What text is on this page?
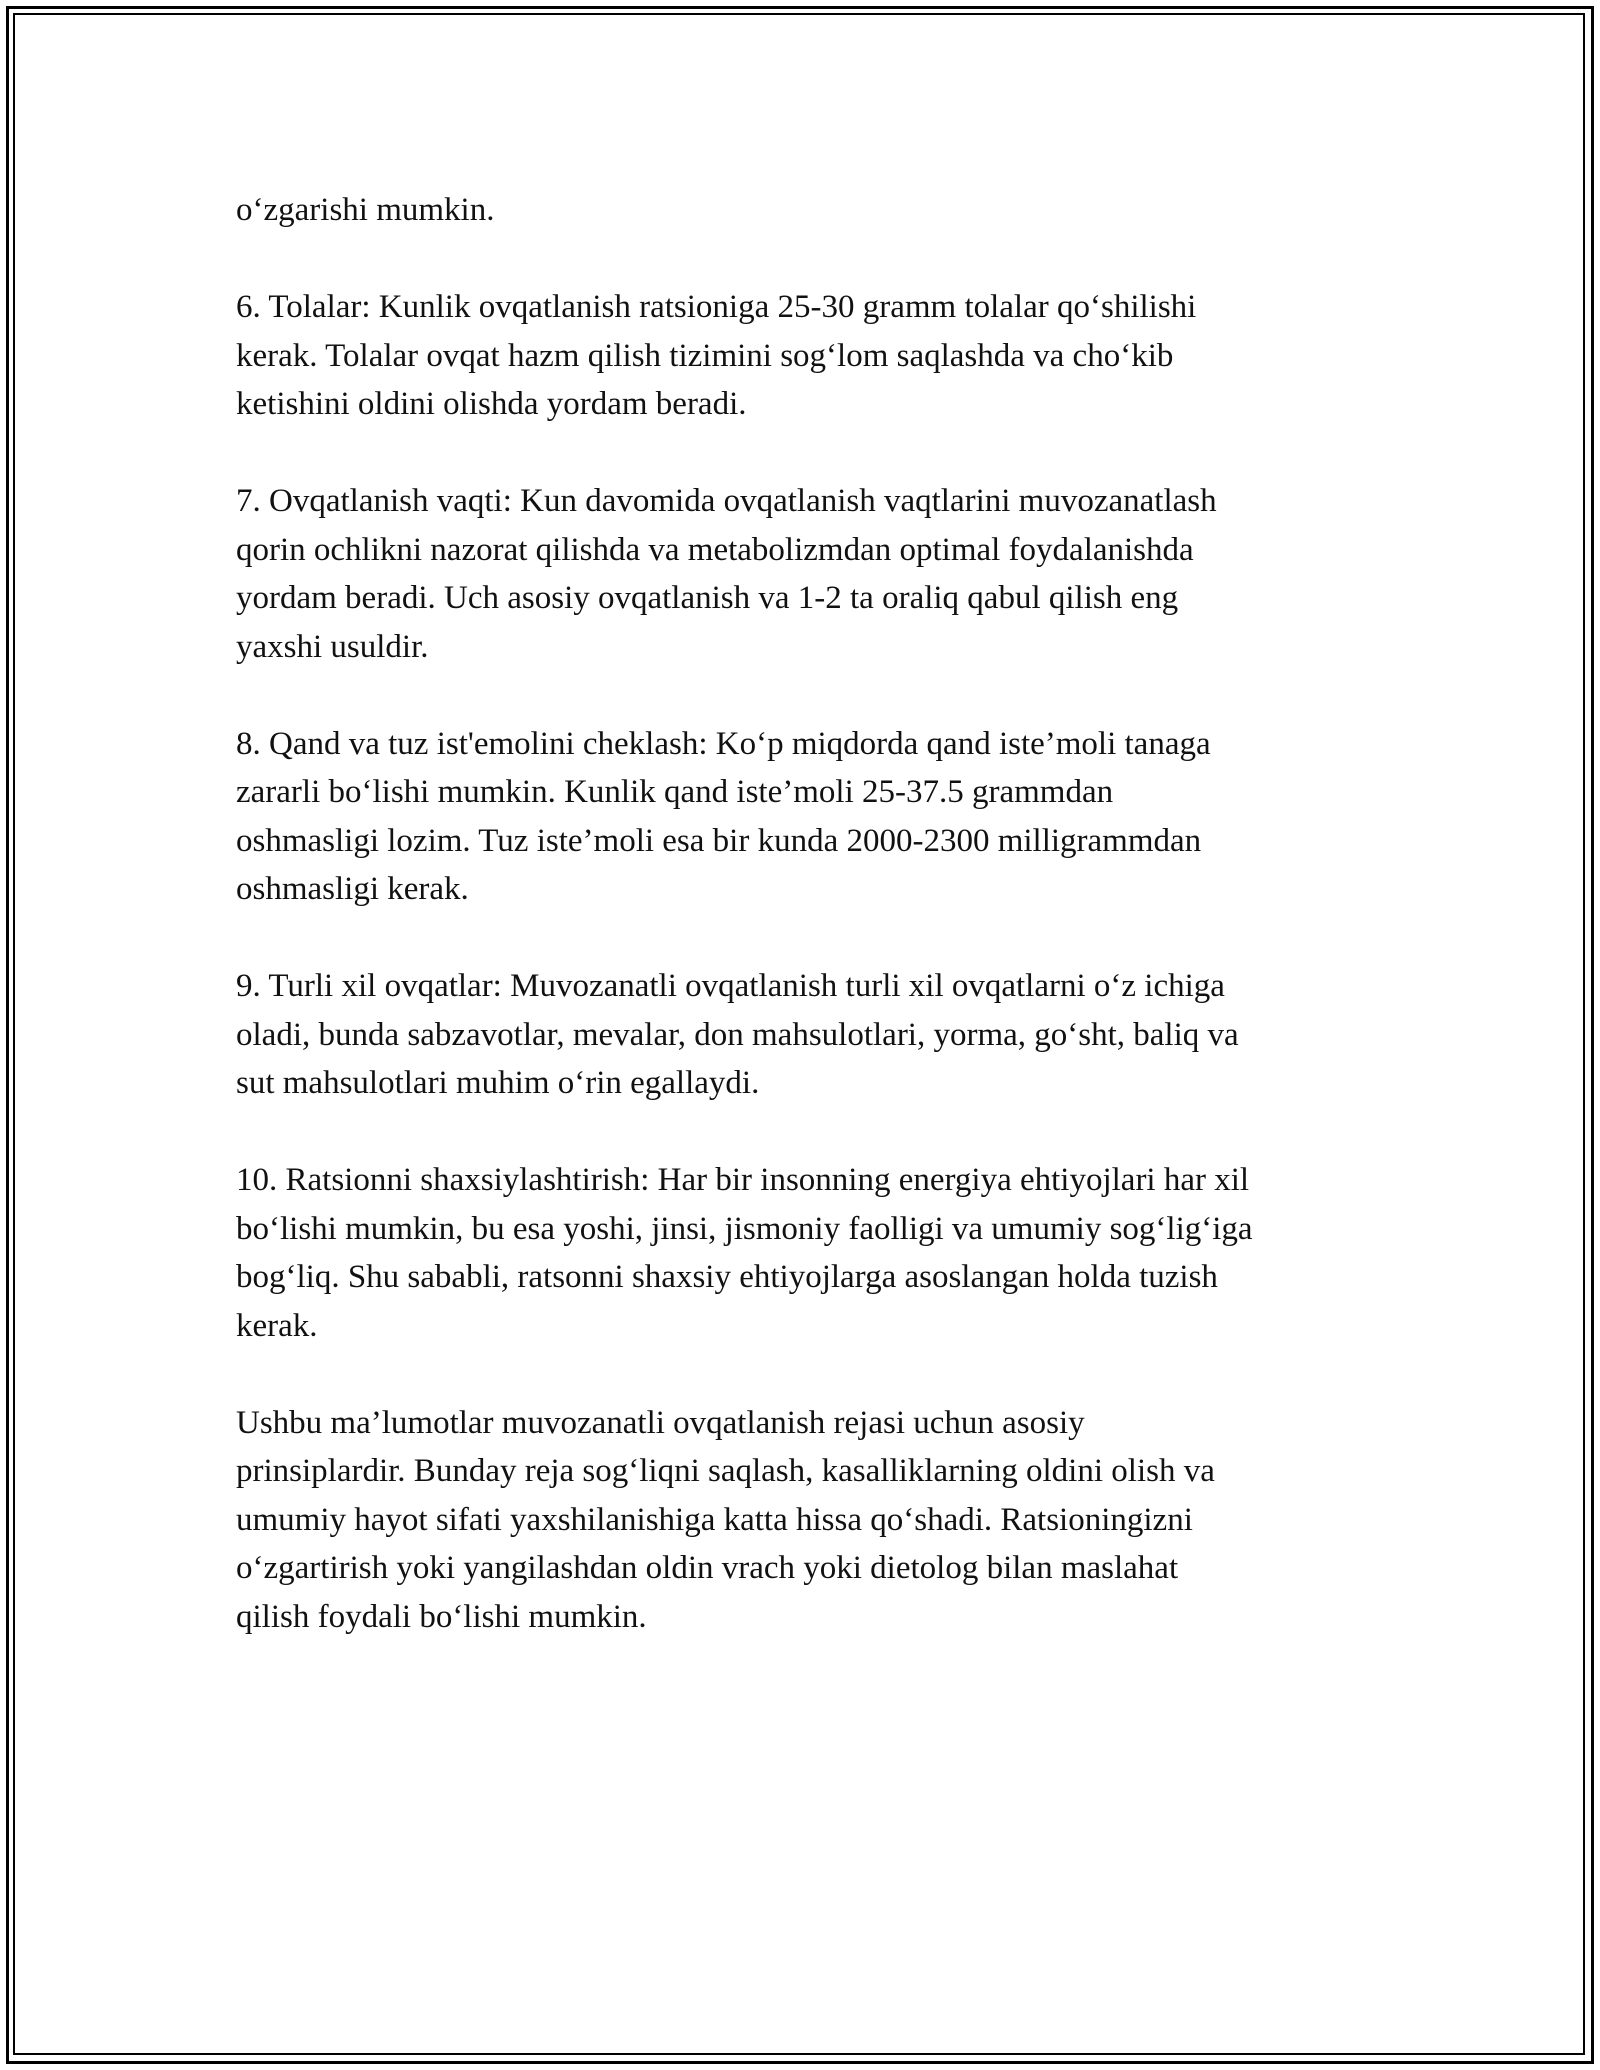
o‘zgarishi mumkin.

6. Tolalar: Kunlik ovqatlanish ratsioniga 25-30 gramm tolalar qo‘shilishi
kerak. Tolalar ovqat hazm qilish tizimini sog‘lom saqlashda va cho‘kib
ketishini oldini olishda yordam beradi.

7. Ovqatlanish vaqti: Kun davomida ovqatlanish vaqtlarini muvozanatlash
qorin ochlikni nazorat qilishda va metabolizmdan optimal foydalanishda
yordam beradi. Uch asosiy ovqatlanish va 1-2 ta oraliq qabul qilish eng
yaxshi usuldir.

8. Qand va tuz ist'emolini cheklash: Ko‘p miqdorda qand iste’moli tanaga
zararli bo‘lishi mumkin. Kunlik qand iste’moli 25-37.5 grammdan
oshmasligi lozim. Tuz iste’moli esa bir kunda 2000-2300 milligrammdan
oshmasligi kerak.

9. Turli xil ovqatlar: Muvozanatli ovqatlanish turli xil ovqatlarni o‘z ichiga
oladi, bunda sabzavotlar, mevalar, don mahsulotlari, yorma, go‘sht, baliq va
sut mahsulotlari muhim o‘rin egallaydi.

10. Ratsionni shaxsiylashtirish: Har bir insonning energiya ehtiyojlari har xil
bo‘lishi mumkin, bu esa yoshi, jinsi, jismoniy faolligi va umumiy sog‘lig‘iga
bog‘liq. Shu sababli, ratsonni shaxsiy ehtiyojlarga asoslangan holda tuzish
kerak.

Ushbu ma’lumotlar muvozanatli ovqatlanish rejasi uchun asosiy
prinsiplardir. Bunday reja sog‘liqni saqlash, kasalliklarning oldini olish va
umumiy hayot sifati yaxshilanishiga katta hissa qo‘shadi. Ratsioningizni
o‘zgartirish yoki yangilashdan oldin vrach yoki dietolog bilan maslahat
qilish foydali bo‘lishi mumkin.
